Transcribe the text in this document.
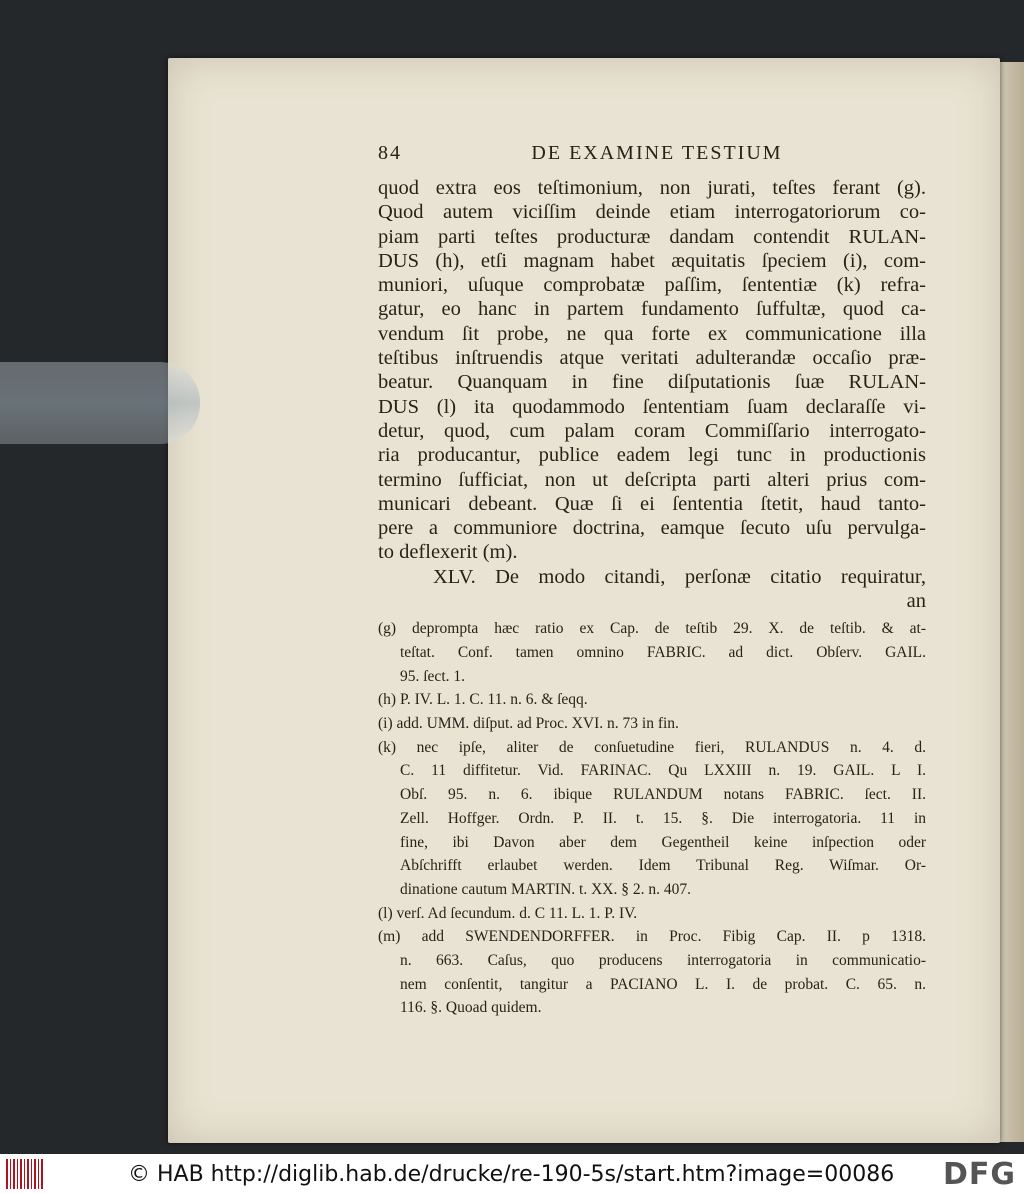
84	DE EXAMINE TESTIUM
quod extra eos teſtimonium, non jurati, teſtes ferant (g).
Quod autem viciſſim deinde etiam interrogatoriorum co-
piam parti teſtes producturæ dandam contendit RULAN-
DUS (h), etſi magnam habet æquitatis ſpeciem (i), com-
muniori, uſuque comprobatæ paſſim, ſententiæ (k) refra-
gatur, eo hanc in partem fundamento ſuffultæ, quod ca-
vendum ſit probe, ne qua forte ex communicatione illa
teſtibus inſtruendis atque veritati adulterandæ occaſio præ-
beatur. Quanquam in fine diſputationis ſuæ RULAN-
DUS (l) ita quodammodo ſententiam ſuam declaraſſe vi-
detur, quod, cum palam coram Commiſſario interrogato-
ria producantur, publice eadem legi tunc in productionis
termino ſufficiat, non ut deſcripta parti alteri prius com-
municari debeant. Quæ ſi ei ſententia ſtetit, haud tanto-
pere a communiore doctrina, eamque ſecuto uſu pervulga-
to deflexerit (m).
XLV. De modo citandi, perſonæ citatio requiratur,
an
(g) deprompta hæc ratio ex Cap. de teſtib 29. X. de teſtib. & at-
teſtat. Conf. tamen omnino FABRIC. ad dict. Obſerv. GAIL.
95. ſect. 1.
(h) P. IV. L. 1. C. 11. n. 6. & ſeqq.
(i) add. UMM. diſput. ad Proc. XVI. n. 73 in fin.
(k) nec ipſe, aliter de conſuetudine fieri, RULANDUS n. 4. d.
C. 11 diffitetur. Vid. FARINAC. Qu LXXIII n. 19. GAIL. L I.
Obſ. 95. n. 6. ibique RULANDUM notans FABRIC. ſect. II.
Zell. Hoffger. Ordn. P. II. t. 15. §. Die interrogatoria. 11 in
fine, ibi Davon aber dem Gegentheil keine inſpection oder
Abſchrifft erlaubet werden. Idem Tribunal Reg. Wiſmar. Or-
dinatione cautum MARTIN. t. XX. § 2. n. 407.
(l) verſ. Ad ſecundum. d. C 11. L. 1. P. IV.
(m) add SWENDENDORFFER. in Proc. Fibig Cap. II. p 1318.
n. 663. Caſus, quo producens interrogatoria in communicatio-
nem conſentit, tangitur a PACIANO L. I. de probat. C. 65. n.
116. §. Quoad quidem.
© HAB http://diglib.hab.de/drucke/re-190-5s/start.htm?image=00086 DFG
